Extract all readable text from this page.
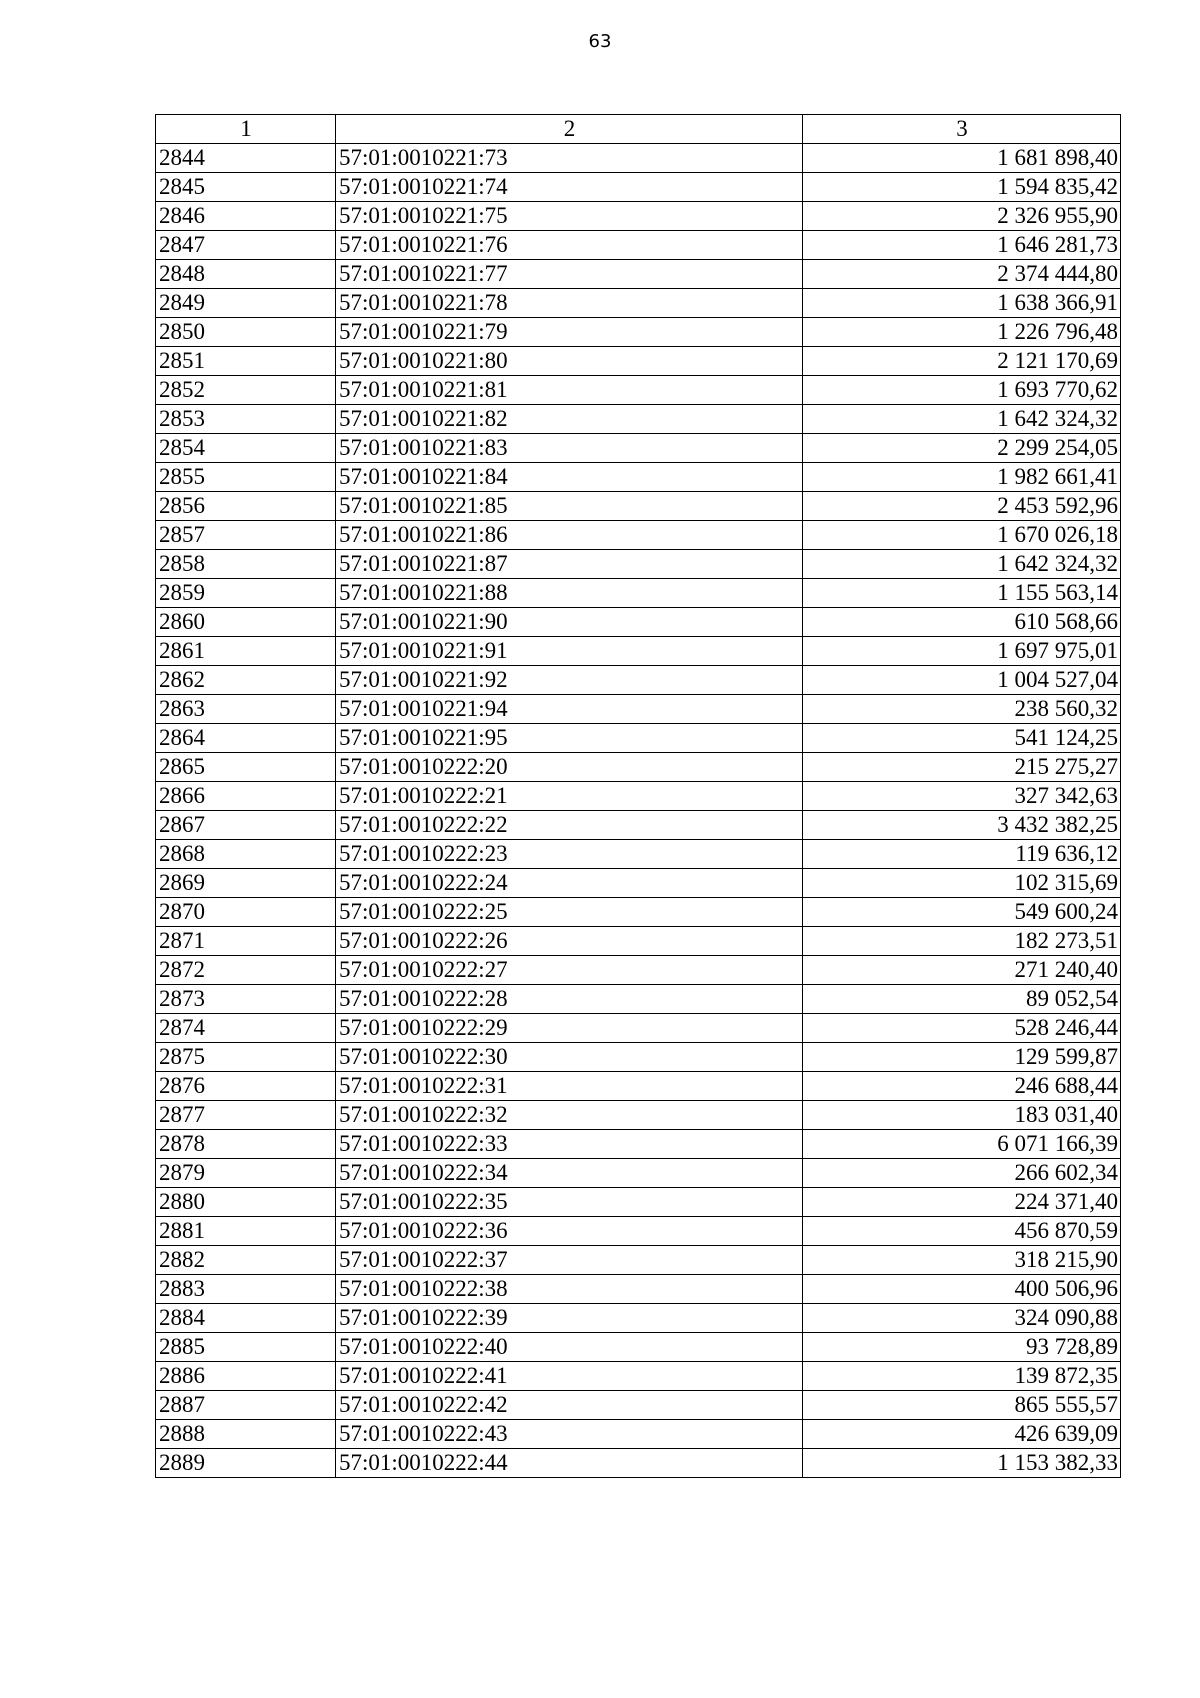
63
1	2	3
2844	57:01:0010221:73	1 681 898,40
2845	57:01:0010221:74	1 594 835,42
2846	57:01:0010221:75	2 326 955,90
2847	57:01:0010221:76	1 646 281,73
2848	57:01:0010221:77	2 374 444,80
2849	57:01:0010221:78	1 638 366,91
2850	57:01:0010221:79	1 226 796,48
2851	57:01:0010221:80	2 121 170,69
2852	57:01:0010221:81	1 693 770,62
2853	57:01:0010221:82	1 642 324,32
2854	57:01:0010221:83	2 299 254,05
2855	57:01:0010221:84	1 982 661,41
2856	57:01:0010221:85	2 453 592,96
2857	57:01:0010221:86	1 670 026,18
2858	57:01:0010221:87	1 642 324,32
2859	57:01:0010221:88	1 155 563,14
2860	57:01:0010221:90	610 568,66
2861	57:01:0010221:91	1 697 975,01
2862	57:01:0010221:92	1 004 527,04
2863	57:01:0010221:94	238 560,32
2864	57:01:0010221:95	541 124,25
2865	57:01:0010222:20	215 275,27
2866	57:01:0010222:21	327 342,63
2867	57:01:0010222:22	3 432 382,25
2868	57:01:0010222:23	119 636,12
2869	57:01:0010222:24	102 315,69
2870	57:01:0010222:25	549 600,24
2871	57:01:0010222:26	182 273,51
2872	57:01:0010222:27	271 240,40
2873	57:01:0010222:28	89 052,54
2874	57:01:0010222:29	528 246,44
2875	57:01:0010222:30	129 599,87
2876	57:01:0010222:31	246 688,44
2877	57:01:0010222:32	183 031,40
2878	57:01:0010222:33	6 071 166,39
2879	57:01:0010222:34	266 602,34
2880	57:01:0010222:35	224 371,40
2881	57:01:0010222:36	456 870,59
2882	57:01:0010222:37	318 215,90
2883	57:01:0010222:38	400 506,96
2884	57:01:0010222:39	324 090,88
2885	57:01:0010222:40	93 728,89
2886	57:01:0010222:41	139 872,35
2887	57:01:0010222:42	865 555,57
2888	57:01:0010222:43	426 639,09
2889	57:01:0010222:44	1 153 382,33
